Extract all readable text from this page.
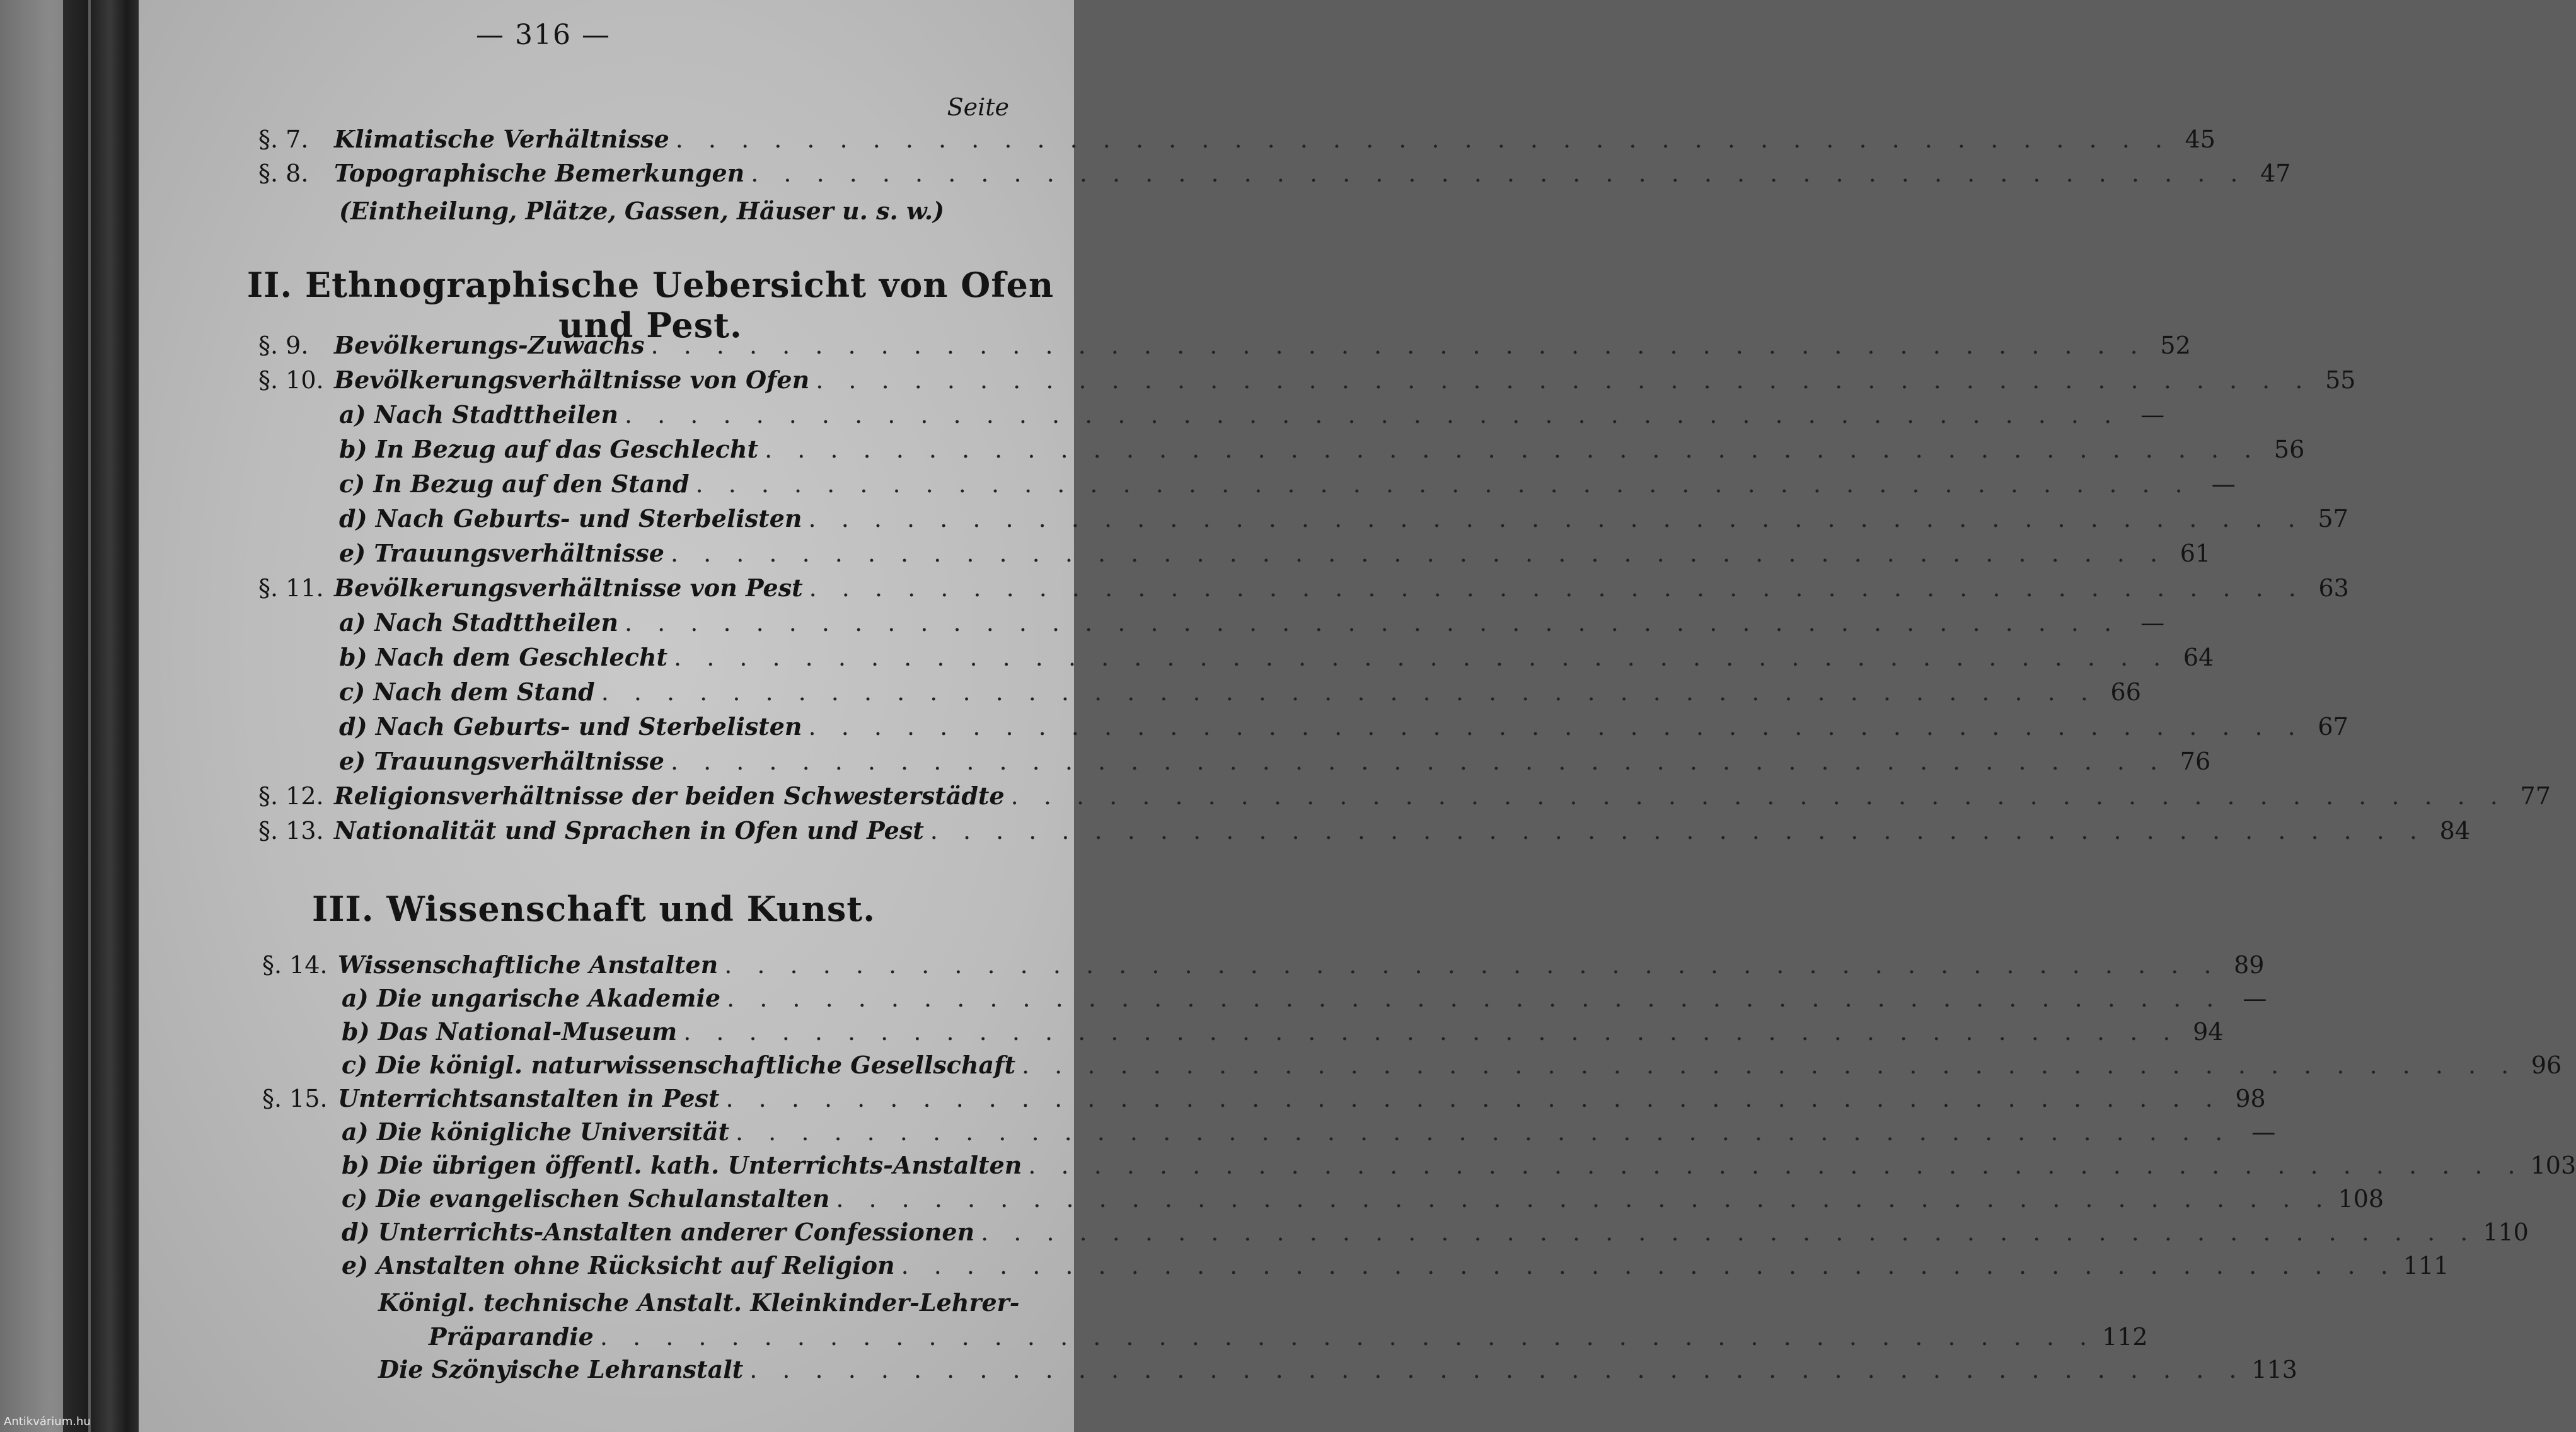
— 316 —
Seite
§. 7.	Klimatische Verhältnisse . . .	45
§. 8.	Topographische Bemerkungen . . .	47
(Eintheilung, Plätze, Gassen, Häuser u. s. w.)
II. Ethnographische Uebersicht von Ofen und Pest.
§. 9.	Bevölkerungs-Zuwachs . . .	52
§. 10. Bevölkerungsverhältnisse von Ofen . . .	55
a) Nach Stadttheilen . . .	—
b) In Bezug auf das Geschlecht . . .	56
c) In Bezug auf den Stand . . .	—
d) Nach Geburts- und Sterbelisten . . .	57
e) Trauungsverhältnisse . . .	61
§. 11. Bevölkerungsverhältnisse von Pest . . .	63
a) Nach Stadttheilen . . .	—
b) Nach dem Geschlecht . . .	64
c) Nach dem Stand . . .	66
d) Nach Geburts- und Sterbelisten . . .	67
e) Trauungsverhältnisse . . .	76
§. 12. Religionsverhältnisse der beiden Schwesterstädte . . .	77
§. 13. Nationalität und Sprachen in Ofen und Pest . . .	84
III. Wissenschaft und Kunst.
§. 14. Wissenschaftliche Anstalten . . .	89
a) Die ungarische Akademie . . .	—
b) Das National-Museum . . .	94
c) Die königl. naturwissenschaftliche Gesellschaft . . .	96
§. 15. Unterrichtsanstalten in Pest . . .	98
a) Die königliche Universität . . .	—
b) Die übrigen öffentl. kath. Unterrichts-Anstalten . . .	103
c) Die evangelischen Schulanstalten . . .	108
d) Unterrichts-Anstalten anderer Confessionen . . .	110
e) Anstalten ohne Rücksicht auf Religion . . .	111
Königl. technische Anstalt. Kleinkinder-Lehrer-
Präparandie . . .	112
Die Szönyische Lehranstalt . . .	113
Antikvárium.hu
